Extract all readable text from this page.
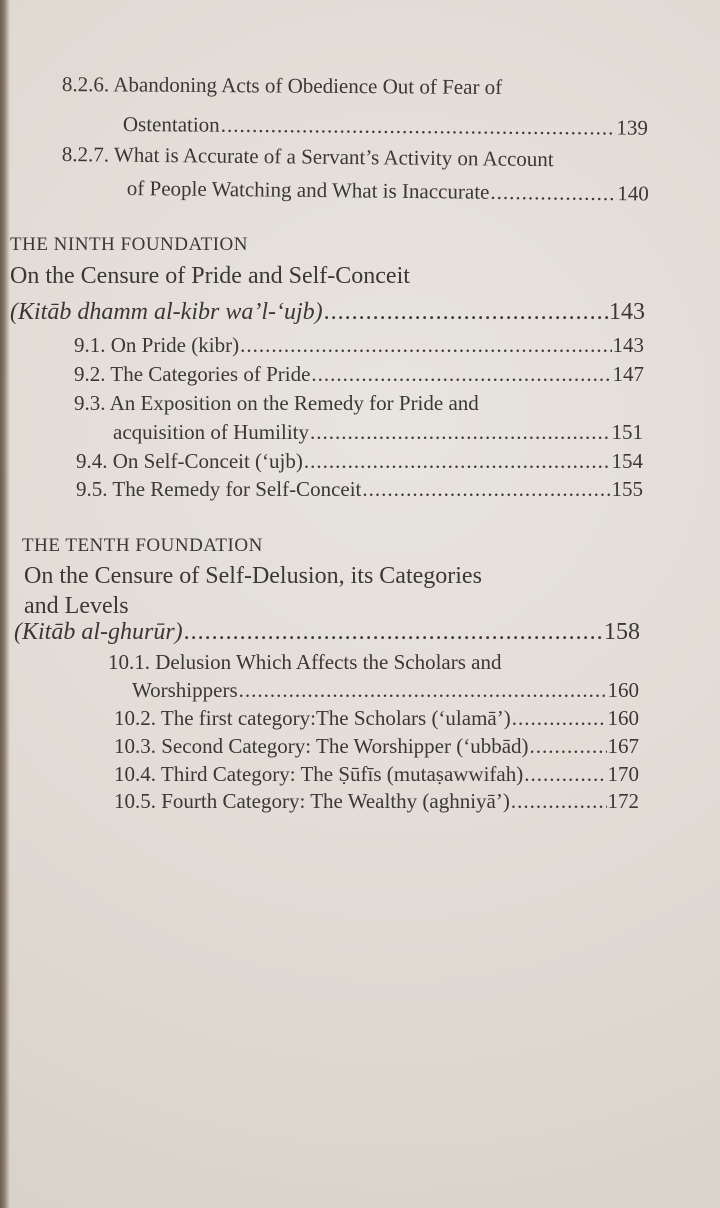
8.2.6. Abandoning Acts of Obedience Out of Fear of
Ostentation .....	139
8.2.7. What is Accurate of a Servant’s Activity on Account
of People Watching and What is Inaccurate .....	140
THE NINTH FOUNDATION
On the Censure of Pride and Self-Conceit
(Kitāb dhamm al-kibr wa’l-‘ujb) .....	143
9.1. On Pride (kibr) .....	143
9.2. The Categories of Pride .....	147
9.3. An Exposition on the Remedy for Pride and
acquisition of Humility .....	151
9.4. On Self-Conceit (‘ujb) .....	154
9.5. The Remedy for Self-Conceit .....	155
THE TENTH FOUNDATION
On the Censure of Self-Delusion, its Categories
and Levels
(Kitāb al-ghurūr) .....	158
10.1. Delusion Which Affects the Scholars and
Worshippers .....	160
10.2. The first category:The Scholars (‘ulamā’) .....	160
10.3. Second Category: The Worshipper (‘ubbād) .....	167
10.4. Third Category: The Ṣūfīs (mutaṣawwifah) .....	170
10.5. Fourth Category: The Wealthy (aghniyā’) .....	172
